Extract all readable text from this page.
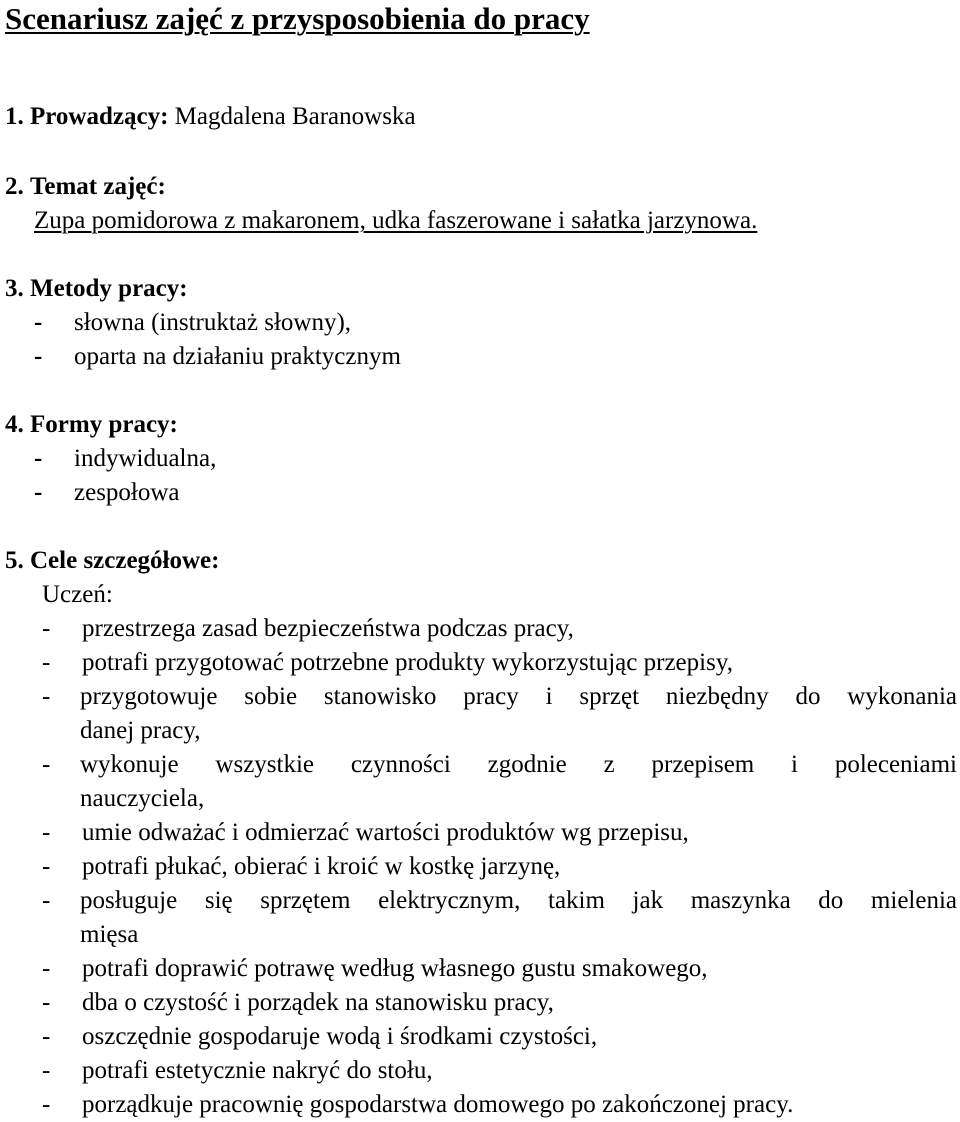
Scenariusz zajęć z przysposobienia do pracy
1. Prowadzący: Magdalena Baranowska
2. Temat zajęć:
Zupa pomidorowa z makaronem, udka faszerowane i sałatka jarzynowa.
3. Metody pracy:
-	słowna (instruktaż słowny),
-	oparta na działaniu praktycznym
4. Formy pracy:
-	indywidualna,
-	zespołowa
5. Cele szczegółowe:
Uczeń:
-	przestrzega zasad bezpieczeństwa podczas pracy,
-	potrafi przygotować potrzebne produkty wykorzystując przepisy,
-	przygotowuje sobie stanowisko pracy i sprzęt niezbędny do wykonania
danej pracy,
-	wykonuje wszystkie czynności zgodnie z przepisem i poleceniami
nauczyciela,
-	umie odważać i odmierzać wartości produktów wg przepisu,
-	potrafi płukać, obierać i kroić w kostkę jarzynę,
-	posługuje się sprzętem elektrycznym, takim jak maszynka do mielenia
mięsa
-	potrafi doprawić potrawę według własnego gustu smakowego,
-	dba o czystość i porządek na stanowisku pracy,
-	oszczędnie gospodaruje wodą i środkami czystości,
-	potrafi estetycznie nakryć do stołu,
-	porządkuje pracownię gospodarstwa domowego po zakończonej pracy.
